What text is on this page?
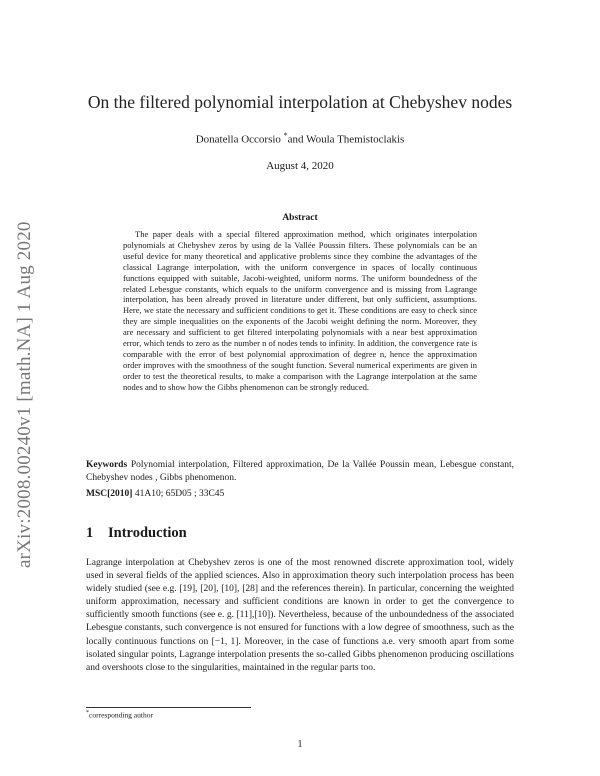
arXiv:2008.00240v1 [math.NA] 1 Aug 2020
On the filtered polynomial interpolation at Chebyshev nodes
Donatella Occorsio *and Woula Themistoclakis
August 4, 2020
Abstract

The paper deals with a special filtered approximation method, which originates interpolation polynomials at Chebyshev zeros by using de la Vallée Poussin filters. These polynomials can be an useful device for many theoretical and applicative problems since they combine the advantages of the classical Lagrange interpolation, with the uniform convergence in spaces of locally continuous functions equipped with suitable, Jacobi-weighted, uniform norms. The uniform boundedness of the related Lebesgue constants, which equals to the uniform convergence and is missing from Lagrange interpolation, has been already proved in literature under different, but only sufficient, assumptions. Here, we state the necessary and sufficient conditions to get it. These conditions are easy to check since they are simple inequalities on the exponents of the Jacobi weight defining the norm. Moreover, they are necessary and sufficient to get filtered interpolating polynomials with a near best approximation error, which tends to zero as the number n of nodes tends to infinity. In addition, the convergence rate is comparable with the error of best polynomial approximation of degree n, hence the approximation order improves with the smoothness of the sought function. Several numerical experiments are given in order to test the theoretical results, to make a comparison with the Lagrange interpolation at the same nodes and to show how the Gibbs phenomenon can be strongly reduced.

Keywords Polynomial interpolation, Filtered approximation, De la Vallée Poussin mean, Lebesgue constant, Chebyshev nodes , Gibbs phenomenon.

MSC[2010] 41A10; 65D05 ; 33C45

1 Introduction

Lagrange interpolation at Chebyshev zeros is one of the most renowned discrete approximation tool, widely used in several fields of the applied sciences. Also in approximation theory such interpolation process has been widely studied (see e.g. [19], [20], [10], [28] and the references therein). In particular, concerning the weighted uniform approximation, necessary and sufficient conditions are known in order to get the convergence to sufficiently smooth functions (see e. g. [11],[10]). Nevertheless, because of the unboundedness of the associated Lebesgue constants, such convergence is not ensured for functions with a low degree of smoothness, such as the locally continuous functions on [−1, 1]. Moreover, in the case of functions a.e. very smooth apart from some isolated singular points, Lagrange interpolation presents the so-called Gibbs phenomenon producing oscillations and overshoots close to the singularities, maintained in the regular parts too.

*corresponding author

1
